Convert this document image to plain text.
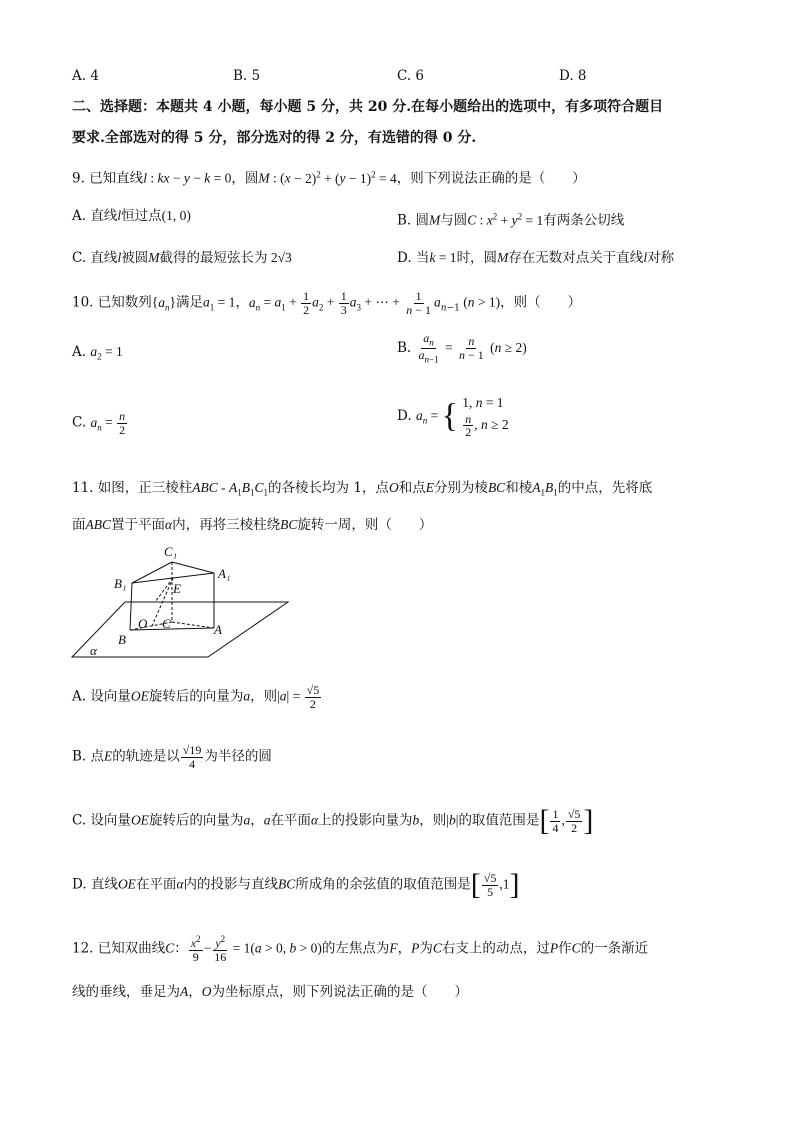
A. 4	B. 5	C. 6	D. 8
二、选择题：本题共 4 小题，每小题 5 分，共 20 分.在每小题给出的选项中，有多项符合题目
要求.全部选对的得 5 分，部分选对的得 2 分，有选错的得 0 分.
9. 已知直线l : kx − y − k = 0，圆M : $(x - 2)^2 + (y - 1)^2 = 4$，则下列说法正确的是（　　）
A. 直线l恒过点(1, 0)	B. 圆M与圆C : $x^2 + y^2 = 1$有两条公切线
C. 直线l被圆M截得的最短弦长为 2√3	D. 当k = 1时，圆M存在无数对点关于直线l对称
10. 已知数列$\{a_n\}$满足$a_1 = 1$，$a_n = a_1 + \frac{1}{2} a_2 + \frac{1}{3} a_3$ + ⋯ + $\frac{1}{n - 1} a_{n-1}$ (n > 1)，则（　　）
A. $a_2 = 1$	B. $\frac{a_n}{a_{n-1}} = \frac{n}{n - 1} (n \ge 2)$
C. $a_n = \frac{n}{2}$	D. $a_n$ = { 1, n = 1

$\frac{n}{2}$ , n ≥ 2
11. 如图，正三棱柱ABC - $A_1B_1C_1$的各棱长均为 1，点O和点E分别为棱BC和棱$A_1B_1$的中点，先将底
面ABC置于平面α内，再将三棱柱绕BC旋转一周，则（　　）
C₁
B₁
A₁
E
O C
B
A
α
A. 设向量OE旋转后的向量为a，则$|a| = \frac{√5}{2}$
B. 点E的轨迹是以 $\frac{√19}{4}$ 为半径的圆
C. 设向量OE旋转后的向量为a，a在平面α上的投影向量为b，则|b|的取值范围是[ $\frac{1}{4}$ , $\frac{√5}{2}$ ]
D. 直线OE在平面α内的投影与直线BC所成角的余弦值的取值范围是[ $\frac{√5}{5} ,1$]
12. 已知双曲线C： $\frac{x^2}{9} - \frac{y^2}{16} = 1(a > 0$, b > 0)的左焦点为F，P为C右支上的动点，过P作C的一条渐近
线的垂线，垂足为A，O为坐标原点，则下列说法正确的是（　　）
